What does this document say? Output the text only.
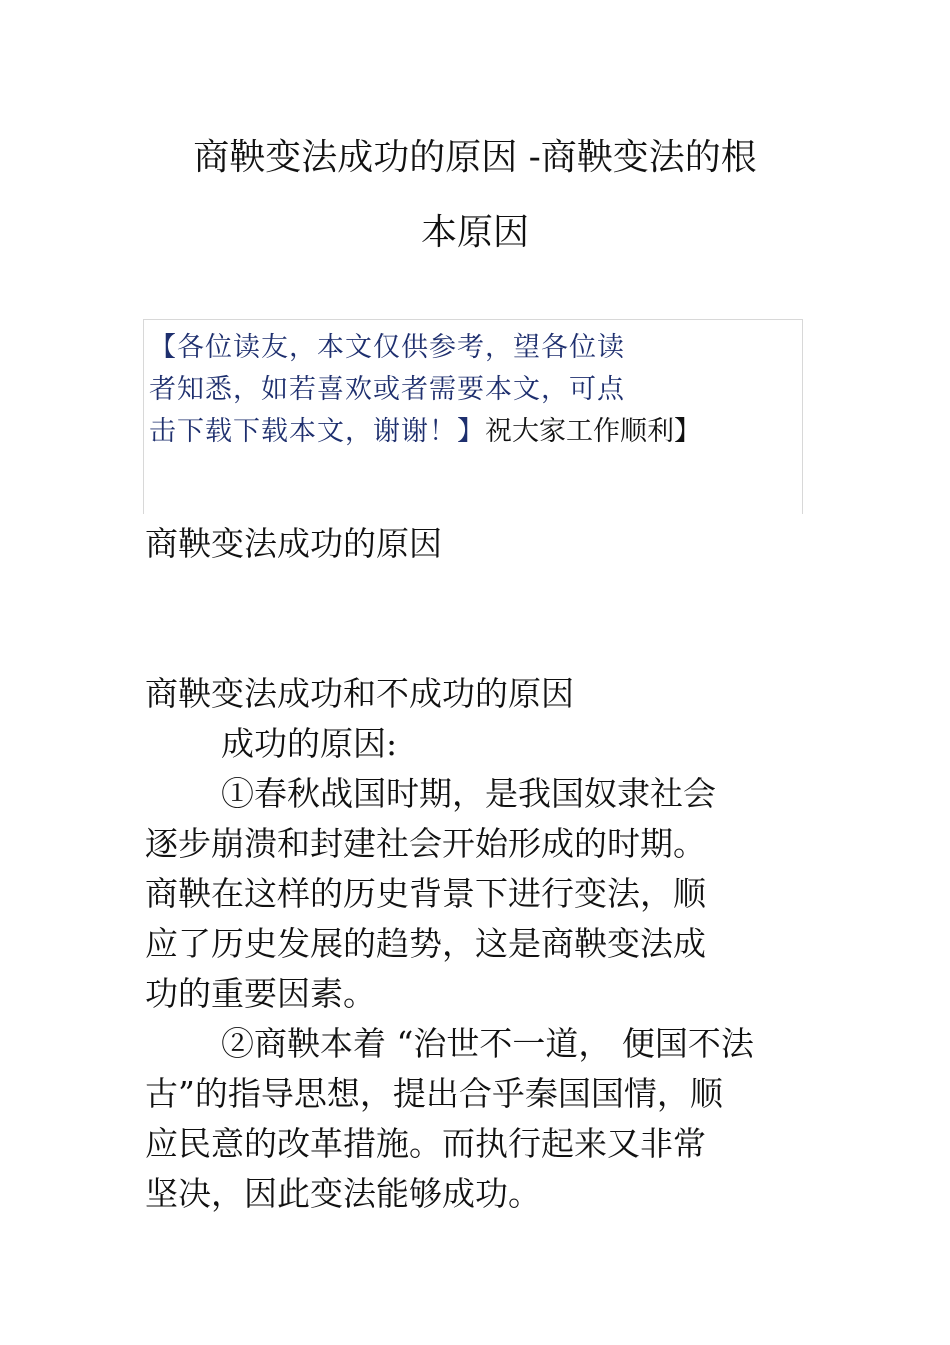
商鞅变法成功的原因 -商鞅变法的根
本原因
【各位读友，本文仅供参考，望各位读
者知悉，如若喜欢或者需要本文，可点
击下载下载本文，谢谢！】祝大家工作顺利】
商鞅变法成功的原因
商鞅变法成功和不成功的原因
成功的原因:
①春秋战国时期，是我国奴隶社会
逐步崩溃和封建社会开始形成的时期。
商鞅在这样的历史背景下进行变法，顺
应了历史发展的趋势，这是商鞅变法成
功的重要因素。
②商鞅本着 “治世不一道， 便国不法
古”的指导思想，提出合乎秦国国情，顺
应民意的改革措施。而执行起来又非常
坚决，因此变法能够成功。
